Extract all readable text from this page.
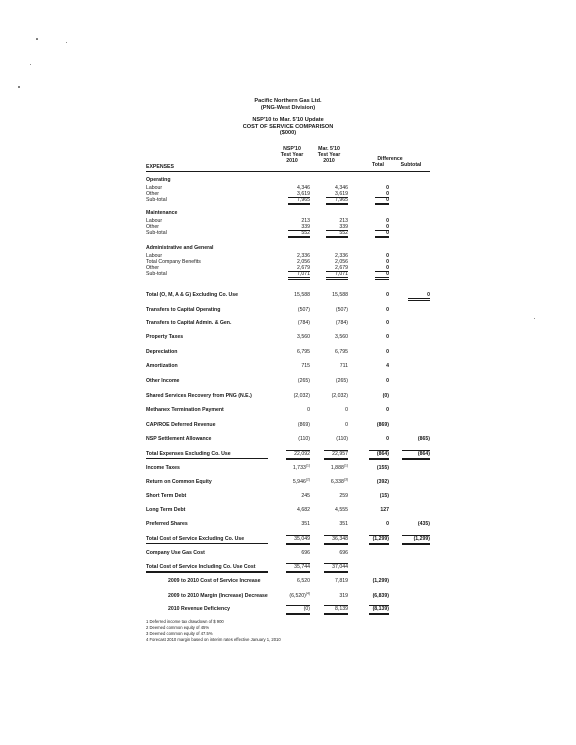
Pacific Northern Gas Ltd.
(PNG-West Division)
NSP'10 to Mar. 5'10 Update
COST OF SERVICE COMPARISON
($000)
NSP'10
Test Year
2010
Mar. 5'10
Test Year
2010	Difference
EXPENSES	Total	Subtotal
Operating
Labour	4,346	4,346	0
Other	3,619	3,619	0
Sub-total	7,965	7,965	0
Maintenance
Labour	213	213	0
Other	339	339	0
Sub-total	552	552	0
Administrative and General
Labour	2,336	2,336	0
Total Company Benefits	2,056	2,056	0
Other	2,679	2,679	0
Sub-total	7,071	7,071	0
Total (O, M, A & G) Excluding Co. Use	15,588	15,588	0	0
Transfers to Capital Operating	(507)	(507)	0
Transfers to Capital Admin. & Gen.	(784)	(784)	0
Property Taxes	3,560	3,560	0
Depreciation	6,795	6,795	0
Amortization	715	711	4
Other Income	(265)	(265)	0
Shared Services Recovery from PNG (N.E.)	(2,032)	(2,032)	(0)
Methanex Termination Payment	0	0	0
CAP/ROE Deferred Revenue	(869)	0	(869)
NSP Settlement Allowance	(110)	(110)	0	(865)
Total Expenses Excluding Co. Use	22,092	22,957	(864)	(864)
Income Taxes	1,733$^{(1)}$	1,888$^{(1)}$	(155)
Return on Common Equity	5,946$^{(2)}$	6,338$^{(3)}$	(392)
Short Term Debt	245	259	(15)
Long Term Debt	4,682	4,555	127
Preferred Shares	351	351	0	(435)
Total Cost of Service Excluding Co. Use	35,049	36,348	(1,299)	(1,299)
Company Use Gas Cost	696	696
Total Cost of Service Including Co. Use Cost	35,744	37,044
2009 to 2010 Cost of Service Increase	6,520	7,819	(1,299)
2009 to 2010 Margin (Increase) Decrease	$(6,520)^{(4)}$	319	(6,839)
2010 Revenue Deficiency	(0)	8,139	(8,139)
1 Deferred income tax drawdown of $ 900
2 Deemed common equity of 45%
3 Deemed common equity of 47.5%
4 Forecast 2010 margin based on interim rates effective January 1, 2010
